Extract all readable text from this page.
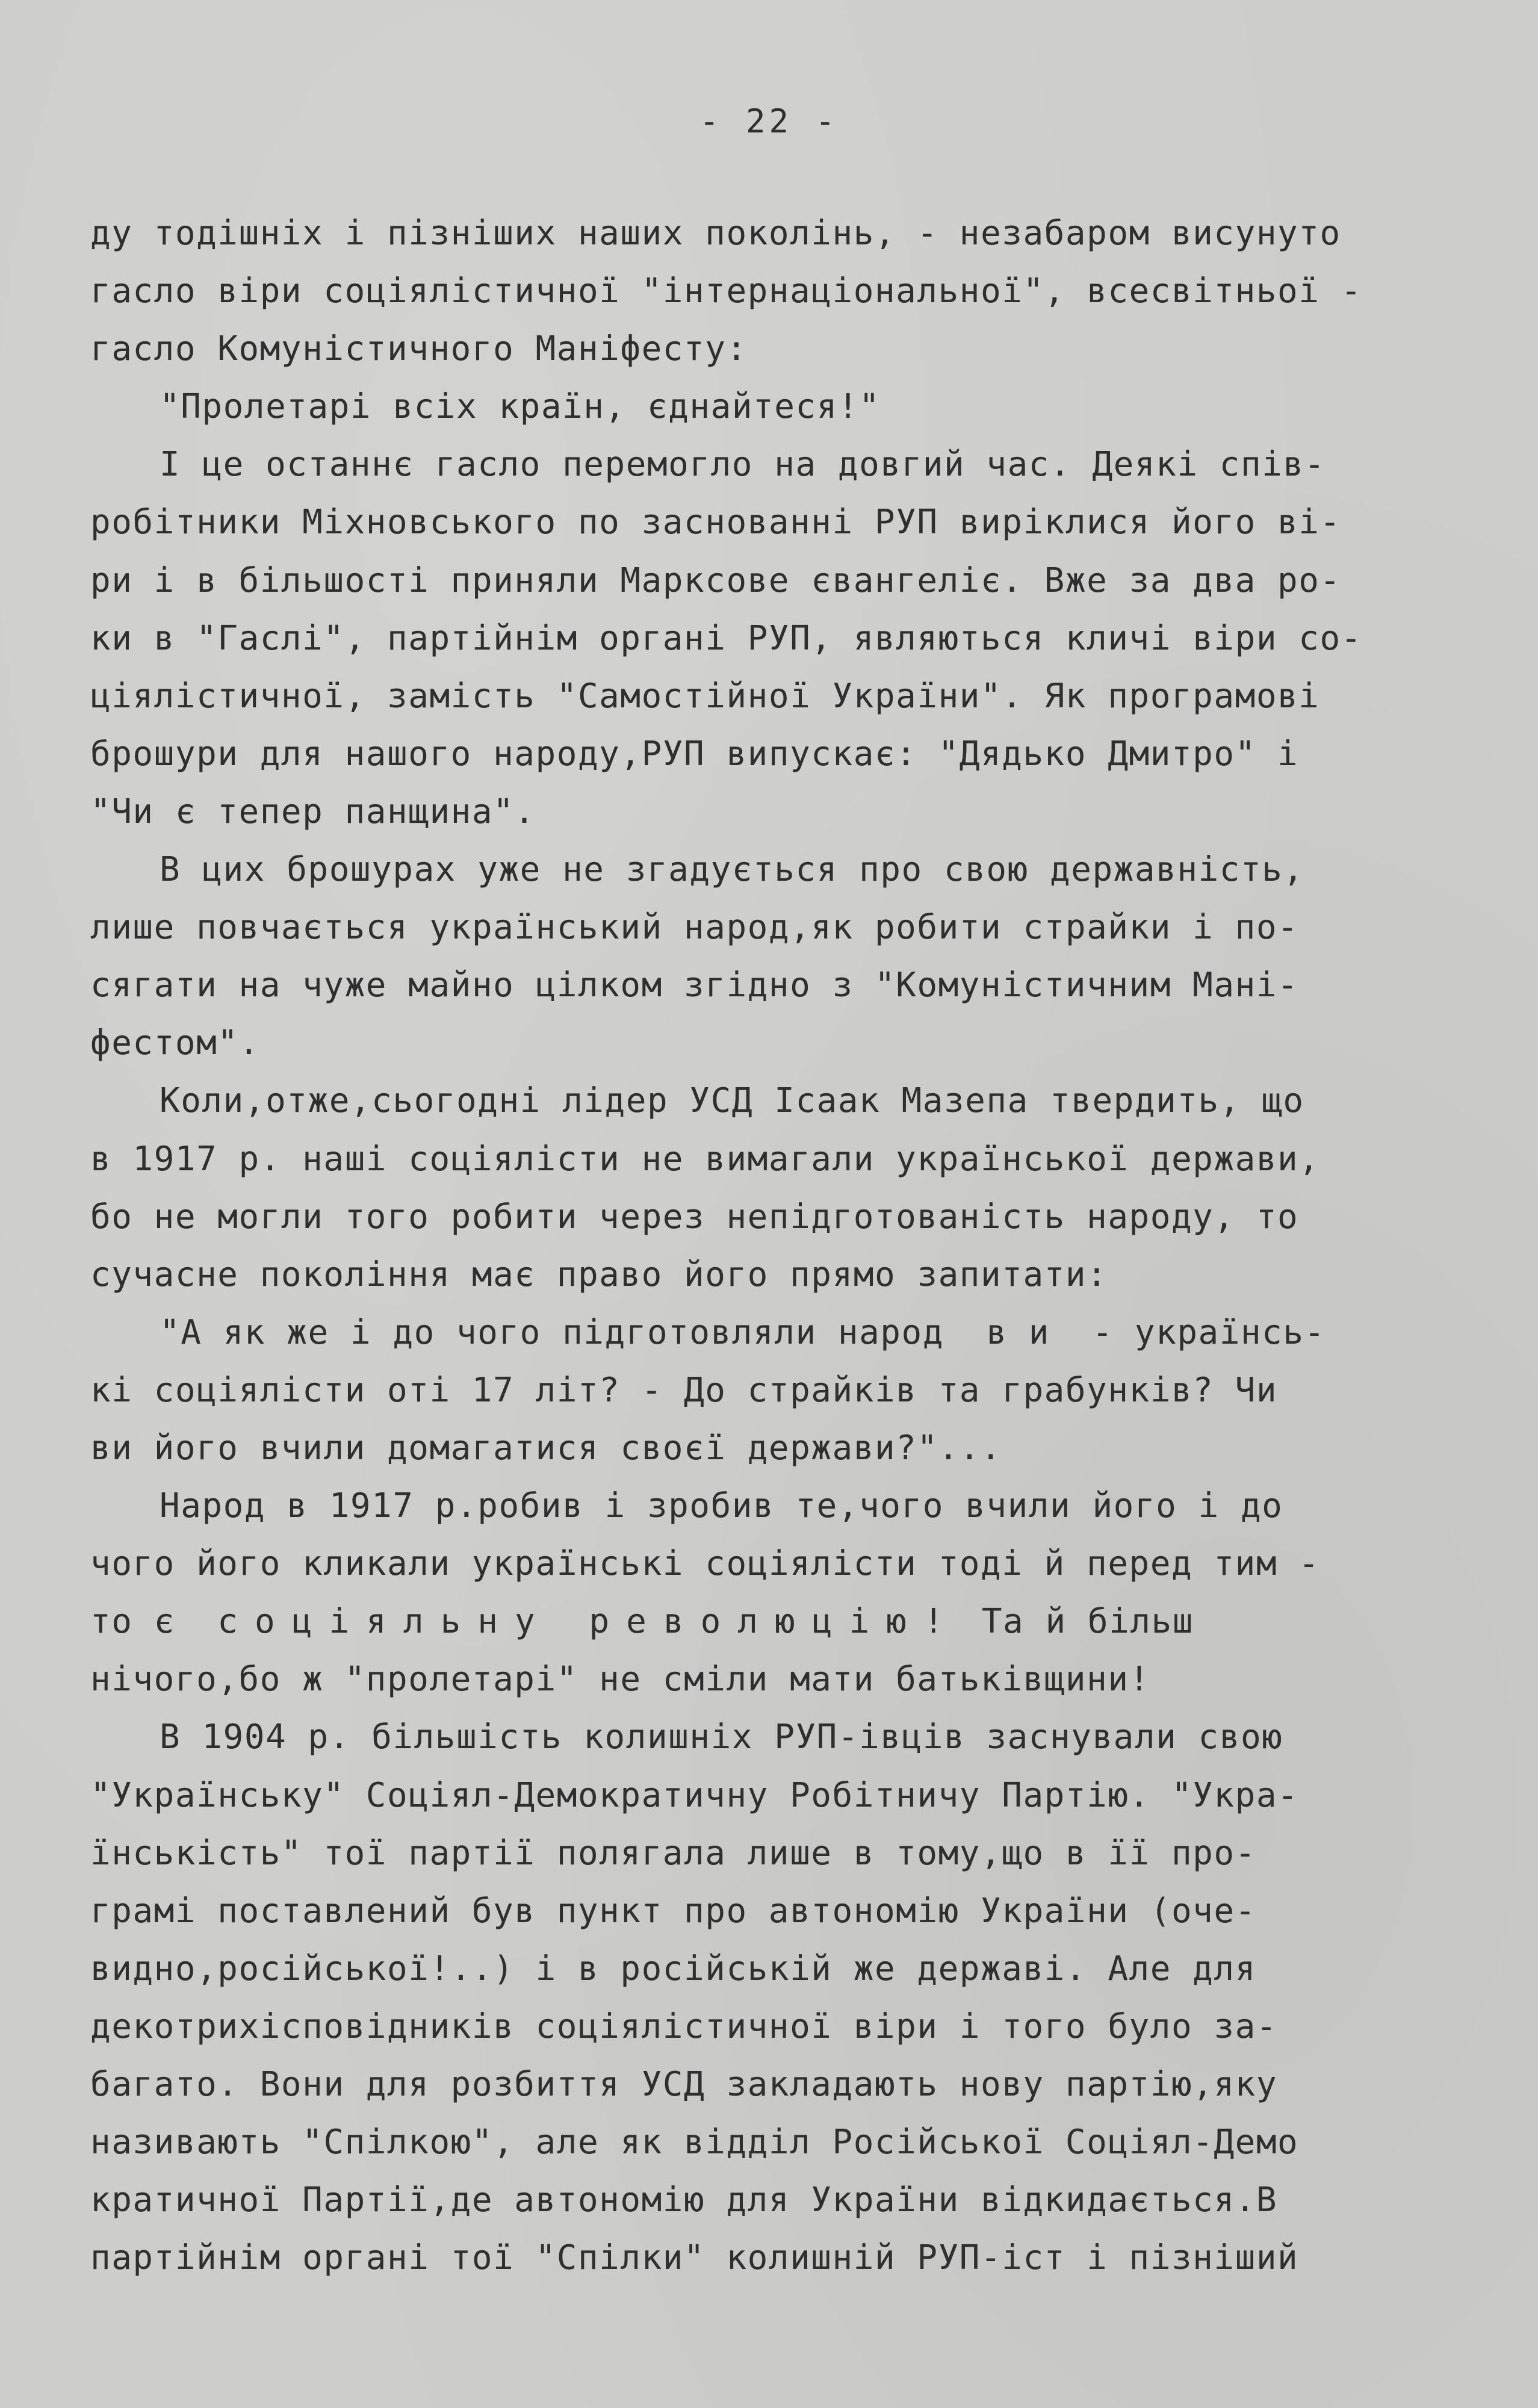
- 22 -
ду тодішніх і пізніших наших поколінь, - незабаром висунуто
гасло віри соціялістичної "інтернаціональної", всесвітньої -
гасло Комуністичного Маніфесту:
"Пролетарі всіх країн, єднайтеся!"
І це останнє гасло перемогло на довгий час. Деякі спів-
робітники Міхновського по заснованні РУП виріклися його ві-
ри і в більшості приняли Марксове євангеліє. Вже за два ро-
ки в "Гаслі", партійнім органі РУП, являються кличі віри со-
ціялістичної, замість "Самостійної України". Як програмові
брошури для нашого народу,РУП випускає: "Дядько Дмитро" і
"Чи є тепер панщина".
В цих брошурах уже не згадується про свою державність,
лише повчається український народ,як робити страйки і по-
сягати на чуже майно цілком згідно з "Комуністичним Мані-
фестом".
Коли,отже,сьогодні лідер УСД Ісаак Мазепа твердить, що
в 1917 р. наші соціялісти не вимагали української держави,
бо не могли того робити через непідготованість народу, то
сучасне покоління має право його прямо запитати:
"А як же і до чого підготовляли народ  в и  - українсь-
кі соціялісти оті 17 літ? - До страйків та грабунків? Чи
ви його вчили домагатися своєї держави?"...
Народ в 1917 р.робив і зробив те,чого вчили його і до
чого його кликали українські соціялісти тоді й перед тим -
то є соціяльну революцію! Та й більш
нічого,бо ж "пролетарі" не сміли мати батьківщини!
В 1904 р. більшість колишніх РУП-івців заснували свою
"Українську" Соціял-Демократичну Робітничу Партію. "Укра-
їнськість" тої партії полягала лише в тому,що в її про-
грамі поставлений був пункт про автономію України (оче-
видно,російської!..) і в російській же державі. Але для
декотрихісповідників соціялістичної віри і того було за-
багато. Вони для розбиття УСД закладають нову партію,яку
називають "Спілкою", але як відділ Російської Соціял-Демо
кратичної Партії,де автономію для України відкидається.В
партійнім органі тої "Спілки" колишній РУП-іст і пізніший
